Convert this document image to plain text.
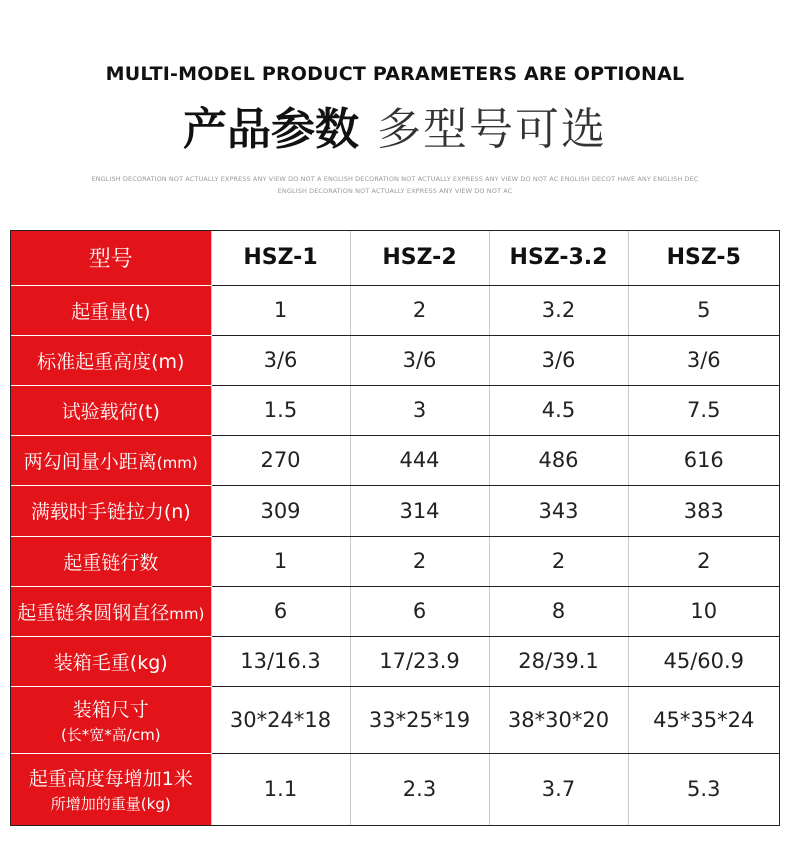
MULTI-MODEL PRODUCT PARAMETERS ARE OPTIONAL
产品参数 多型号可选
ENGLISH DECORATION NOT ACTUALLY EXPRESS ANY VIEW DO NOT A ENGLISH DECORATION NOT ACTUALLY EXPRESS ANY VIEW DO NOT AC ENGLISH DECOT HAVE ANY ENGLISH DEC
ENGLISH DECORATION NOT ACTUALLY EXPRESS ANY VIEW DO NOT AC
型号	HSZ-1	HSZ-2	HSZ-3.2	HSZ-5
起重量(t)	1	2	3.2	5
标准起重高度(m)	3/6	3/6	3/6	3/6
试验载荷(t)	1.5	3	4.5	7.5
两勾间量小距离(mm)	270	444	486	616
满载时手链拉力(n)	309	314	343	383
起重链行数	1	2	2	2
起重链条圆钢直径mm)	6	6	8	10
装箱毛重(kg)	13/16.3	17/23.9	28/39.1	45/60.9
装箱尺寸
(长*宽*高/cm)	30*24*18	33*25*19	38*30*20	45*35*24
起重高度每增加1米
所增加的重量(kg)	1.1	2.3	3.7	5.3
